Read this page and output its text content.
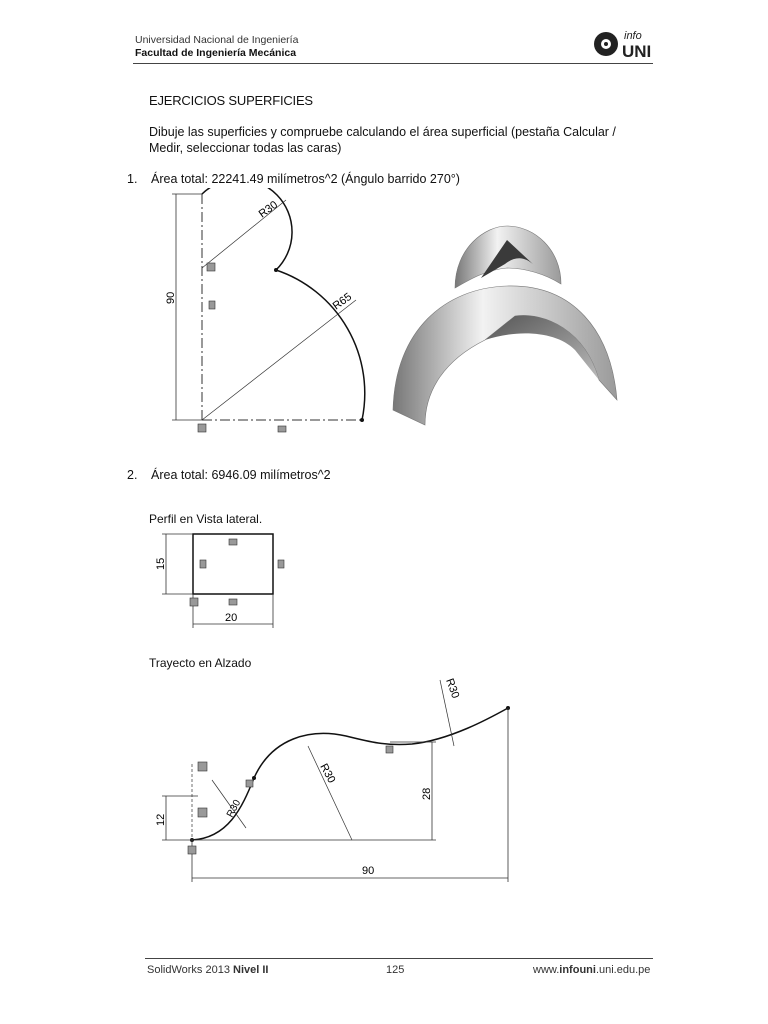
Universidad Nacional de Ingeniería
Facultad de Ingeniería Mecánica
info
UNI
EJERCICIOS SUPERFICIES
Dibuje las superficies y compruebe calculando el área superficial (pestaña Calcular / Medir, seleccionar todas las caras)
1. Área total: 22241.49 milímetros^2 (Ángulo barrido 270°)
90
R30
R65
2. Área total: 6946.09 milímetros^2
Perfil en Vista lateral.
15
20
Trayecto en Alzado
R30
R30
R30
28
90
12
SolidWorks 2013 Nivel II	125	www.infouni.uni.edu.pe
